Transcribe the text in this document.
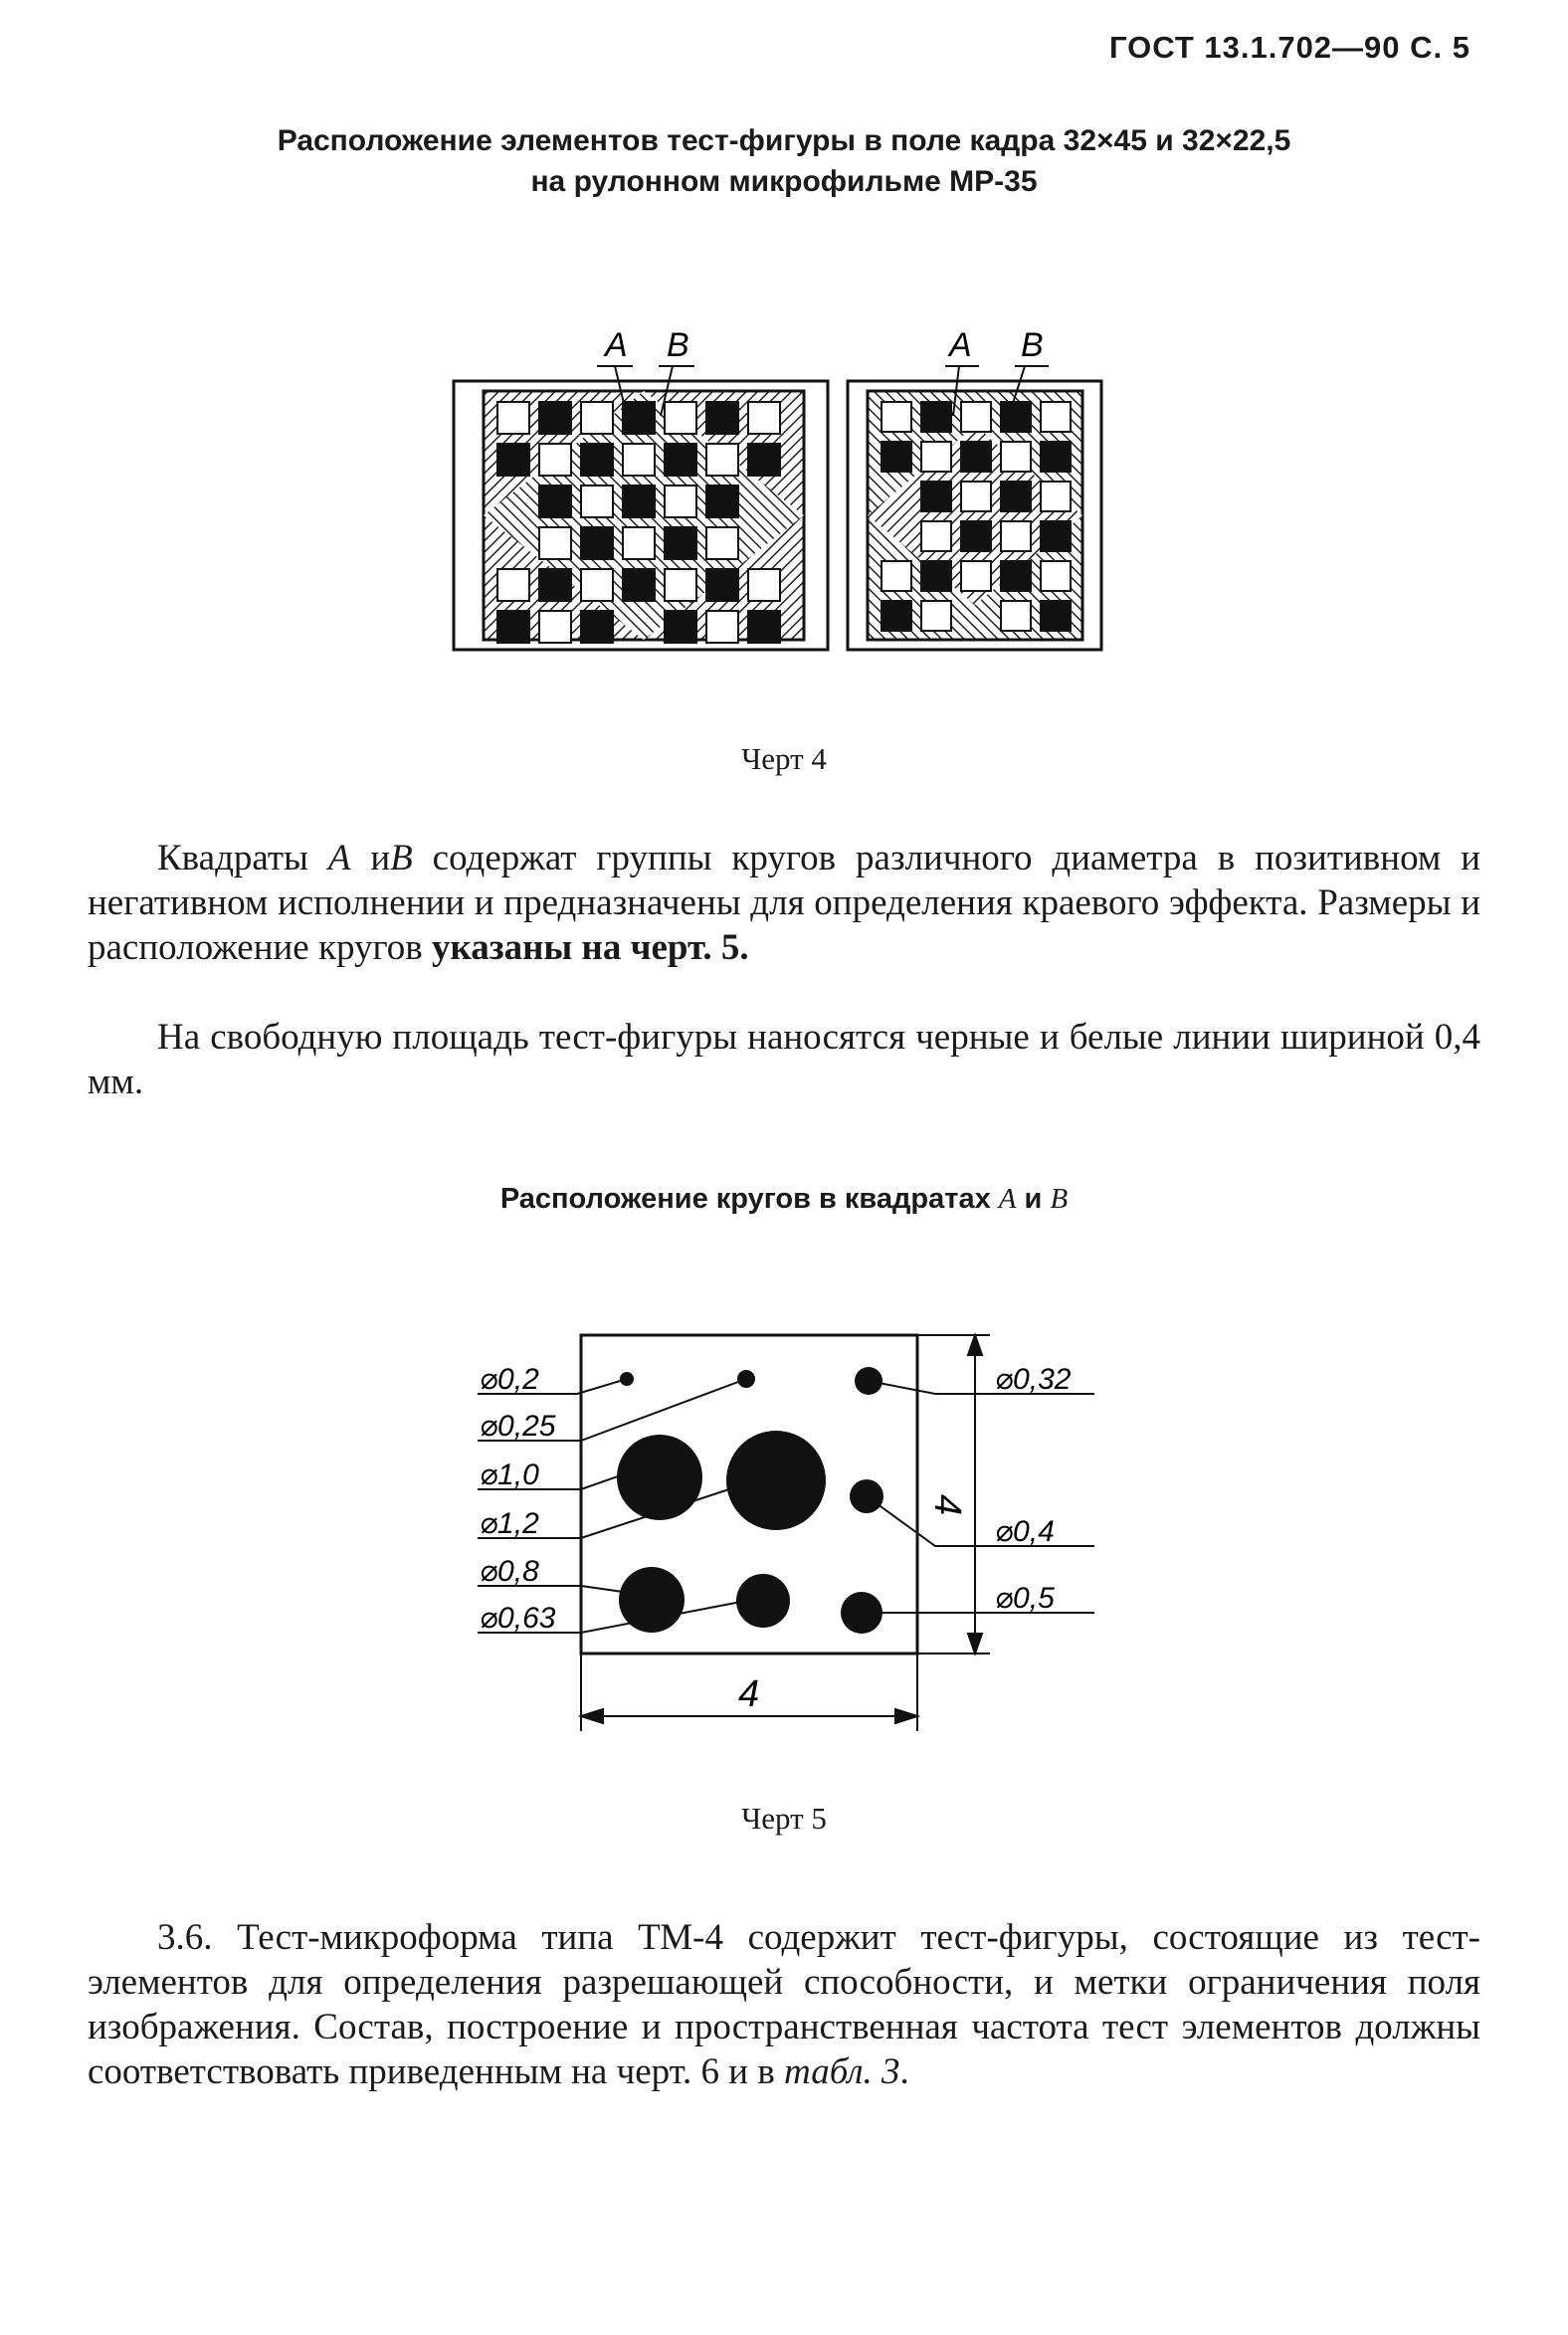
ГОСТ 13.1.702—90 С. 5
Расположение элементов тест-фигуры в поле кадра 32×45 и 32×22,5
на рулонном микрофильме МР-35
A B	A B
Черт 4

Квадраты A иB содержат группы кругов различного диаметра в позитивном и негативном исполнении и предназначены для определения краевого эффекта. Размеры и расположение кругов указаны на черт. 5.

На свободную площадь тест-фигуры наносятся черные и белые линии шириной 0,4 мм.

Расположение кругов в квадратах A и B
⌀0,2
⌀0,25
⌀1,0
⌀1,2
⌀0,8
⌀0,63
⌀0,32
⌀0,4
⌀0,5
4
4
Черт 5

3.6. Тест-микроформа типа ТМ-4 содержит тест-фигуры, состоящие из тест-элементов для определения разрешающей способности, и метки ограничения поля изображения. Состав, построение и пространственная частота тест элементов должны соответствовать приведенным на черт. 6 и в табл. 3.
